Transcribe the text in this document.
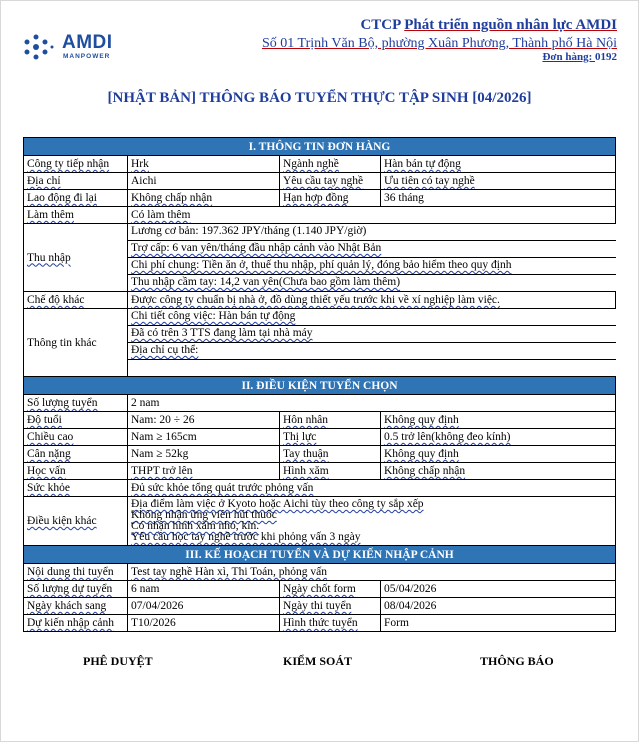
AMDI
MANPOWER
CTCP Phát triển nguồn nhân lực AMDI
Số 01 Trịnh Văn Bộ, phường Xuân Phương, Thành phố Hà Nội
Đơn hàng: 0192
[NHẬT BẢN] THÔNG BÁO TUYỂN THỰC TẬP SINH [04/2026]
I. THÔNG TIN ĐƠN HÀNG			
Công ty tiếp nhận	Hrk	Ngành nghề	Hàn bán tự động
Địa chỉ	Aichi	Yêu cầu tay nghề	Ưu tiên có tay nghề
Lao động đi lại	Không chấp nhận	Hạn hợp đồng	36 tháng
Làm thêm	Có làm thêm		
Thu nhập	Lương cơ bản: 197.362 JPY/tháng (1.140 JPY/giờ)
Trợ cấp: 6 van yên/tháng đầu nhập cảnh vào Nhật Bản
Chi phí chung: Tiền ăn ở, thuế thu nhập, phí quản lý, đóng bảo hiểm theo quy định
Thu nhập cầm tay: 14,2 van yên(Chưa bao gồm làm thêm)		

Chế độ khác	Được công ty chuẩn bị nhà ở, đồ dùng thiết yếu trước khi về xí nghiệp làm việc.		
Thông tin khác	Chi tiết công việc: Hàn bán tự động
Đã có trên 3 TTS đang làm tại nhà máy
Địa chỉ cụ thể:		

II. ĐIỀU KIỆN TUYỂN CHỌN			
Số lượng tuyển	2 nam		
Độ tuổi	Nam: 20 ÷ 26	Hôn nhân	Không quy định
Chiều cao	Nam ≥ 165cm	Thị lực	0.5 trở lên(không đeo kính)
Cân nặng	Nam ≥ 52kg	Tay thuận	Không quy định
Học vấn	THPT trở lên	Hình xăm	Không chấp nhận
Sức khỏe	Đủ sức khỏe tổng quát trước phỏng vấn		
Điều kiện khác	Địa điểm làm việc ở Kyoto hoặc Aichi tùy theo công ty sắp xếp
Không nhận ứng viên hút thuốc
Có nhận hình xăm nhỏ, kín.
Yêu cầu học tay nghề trước khi phỏng vấn 3 ngày		

III. KẾ HOẠCH TUYỂN VÀ DỰ KIẾN NHẬP CẢNH			
Nội dung thi tuyển	Test tay nghề Hàn xì, Thi Toán, phỏng vấn		
Số lượng dự tuyển	6 nam	Ngày chốt form	05/04/2026
Ngày khách sang	07/04/2026	Ngày thi tuyển	08/04/2026
Dự kiến nhập cảnh	T10/2026	Hình thức tuyển	Form
PHÊ DUYỆT	KIỂM SOÁT	THÔNG BÁO
